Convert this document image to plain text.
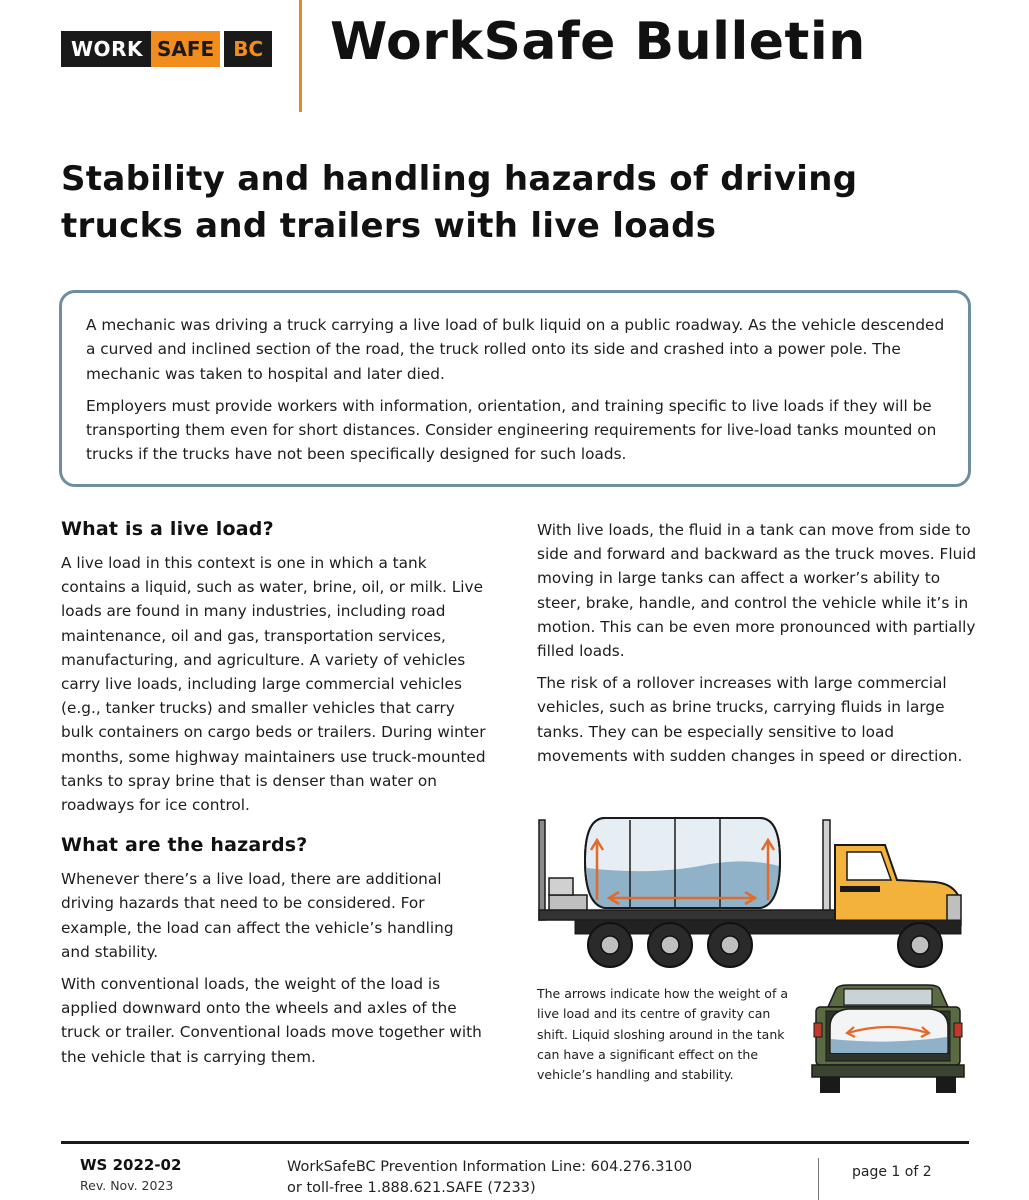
WORK SAFE BC WorkSafe Bulletin
Stability and handling hazards of driving trucks and trailers with live loads

A mechanic was driving a truck carrying a live load of bulk liquid on a public roadway. As the vehicle descended a curved and inclined section of the road, the truck rolled onto its side and crashed into a power pole. The mechanic was taken to hospital and later died.

Employers must provide workers with information, orientation, and training specific to live loads if they will be transporting them even for short distances. Consider engineering requirements for live-load tanks mounted on trucks if the trucks have not been specifically designed for such loads.

What is a live load?

A live load in this context is one in which a tank contains a liquid, such as water, brine, oil, or milk. Live loads are found in many industries, including road maintenance, oil and gas, transportation services, manufacturing, and agriculture. A variety of vehicles carry live loads, including large commercial vehicles (e.g., tanker trucks) and smaller vehicles that carry bulk containers on cargo beds or trailers. During winter months, some highway maintainers use truck-mounted tanks to spray brine that is denser than water on roadways for ice control.

What are the hazards?

Whenever there’s a live load, there are additional driving hazards that need to be considered. For example, the load can affect the vehicle’s handling and stability.

With conventional loads, the weight of the load is applied downward onto the wheels and axles of the truck or trailer. Conventional loads move together with the vehicle that is carrying them.

With live loads, the fluid in a tank can move from side to side and forward and backward as the truck moves. Fluid moving in large tanks can affect a worker’s ability to steer, brake, handle, and control the vehicle while it’s in motion. This can be even more pronounced with partially filled loads.

The risk of a rollover increases with large commercial vehicles, such as brine trucks, carrying fluids in large tanks. They can be especially sensitive to load movements with sudden changes in speed or direction.

The arrows indicate how the weight of a live load and its centre of gravity can shift. Liquid sloshing around in the tank can have a significant effect on the vehicle’s handling and stability.
WS 2022-02
Rev. Nov. 2023
WorkSafeBC Prevention Information Line: 604.276.3100
or toll-free 1.888.621.SAFE (7233)
page 1 of 2
